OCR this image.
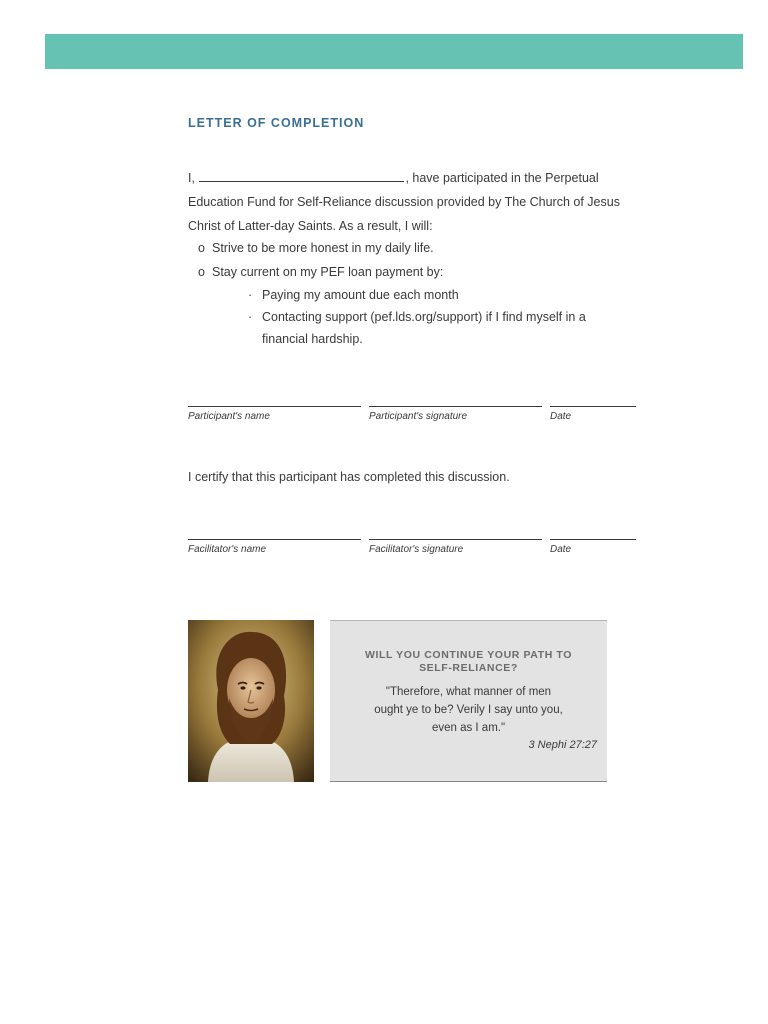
LETTER OF COMPLETION
I,	, have participated in the Perpetual Education Fund for Self-Reliance discussion provided by The Church of Jesus Christ of Latter-day Saints. As a result, I will:
o Strive to be more honest in my daily life.
o Stay current on my PEF loan payment by:
· Paying my amount due each month
· Contacting support (pef.lds.org/support) if I find myself in a financial hardship.
Participant's name	Participant's signature	Date
I certify that this participant has completed this discussion.
Facilitator's name	Facilitator's signature	Date
WILL YOU CONTINUE YOUR PATH TO
SELF-RELIANCE?
"Therefore, what manner of men
ought ye to be? Verily I say unto you,
even as I am."
3 Nephi 27:27
